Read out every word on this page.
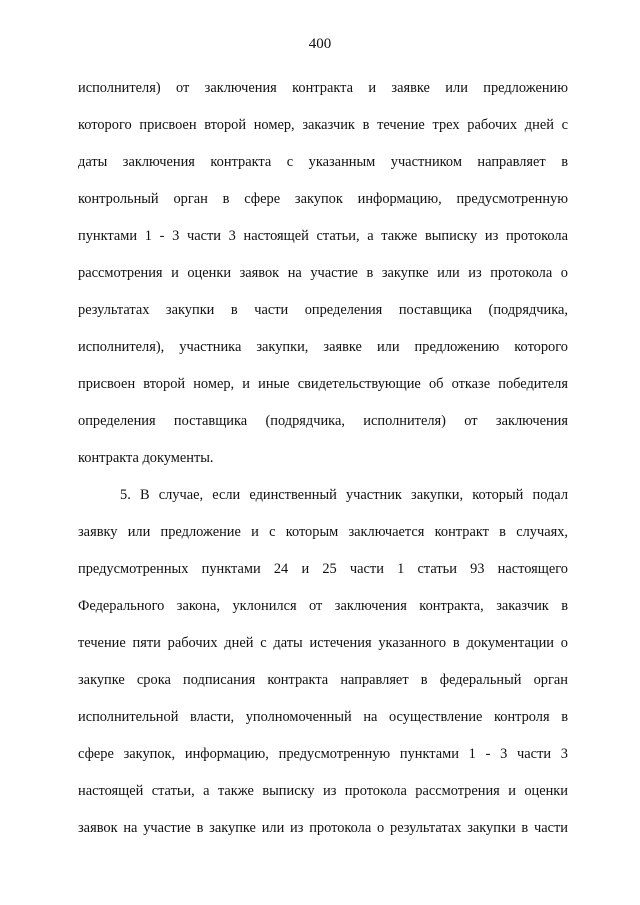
400
исполнителя) от заключения контракта и заявке или предложению
которого присвоен второй номер, заказчик в течение трех рабочих дней с
даты заключения контракта с указанным участником направляет в
контрольный орган в сфере закупок информацию, предусмотренную
пунктами 1 - 3 части 3 настоящей статьи, а также выписку из протокола
рассмотрения и оценки заявок на участие в закупке или из протокола о
результатах закупки в части определения поставщика (подрядчика,
исполнителя), участника закупки, заявке или предложению которого
присвоен второй номер, и иные свидетельствующие об отказе победителя
определения поставщика (подрядчика, исполнителя) от заключения
контракта документы.
5. В случае, если единственный участник закупки, который подал
заявку или предложение и с которым заключается контракт в случаях,
предусмотренных пунктами 24 и 25 части 1 статьи 93 настоящего
Федерального закона, уклонился от заключения контракта, заказчик в
течение пяти рабочих дней с даты истечения указанного в документации о
закупке срока подписания контракта направляет в федеральный орган
исполнительной власти, уполномоченный на осуществление контроля в
сфере закупок, информацию, предусмотренную пунктами 1 - 3 части 3
настоящей статьи, а также выписку из протокола рассмотрения и оценки
заявок на участие в закупке или из протокола о результатах закупки в части
